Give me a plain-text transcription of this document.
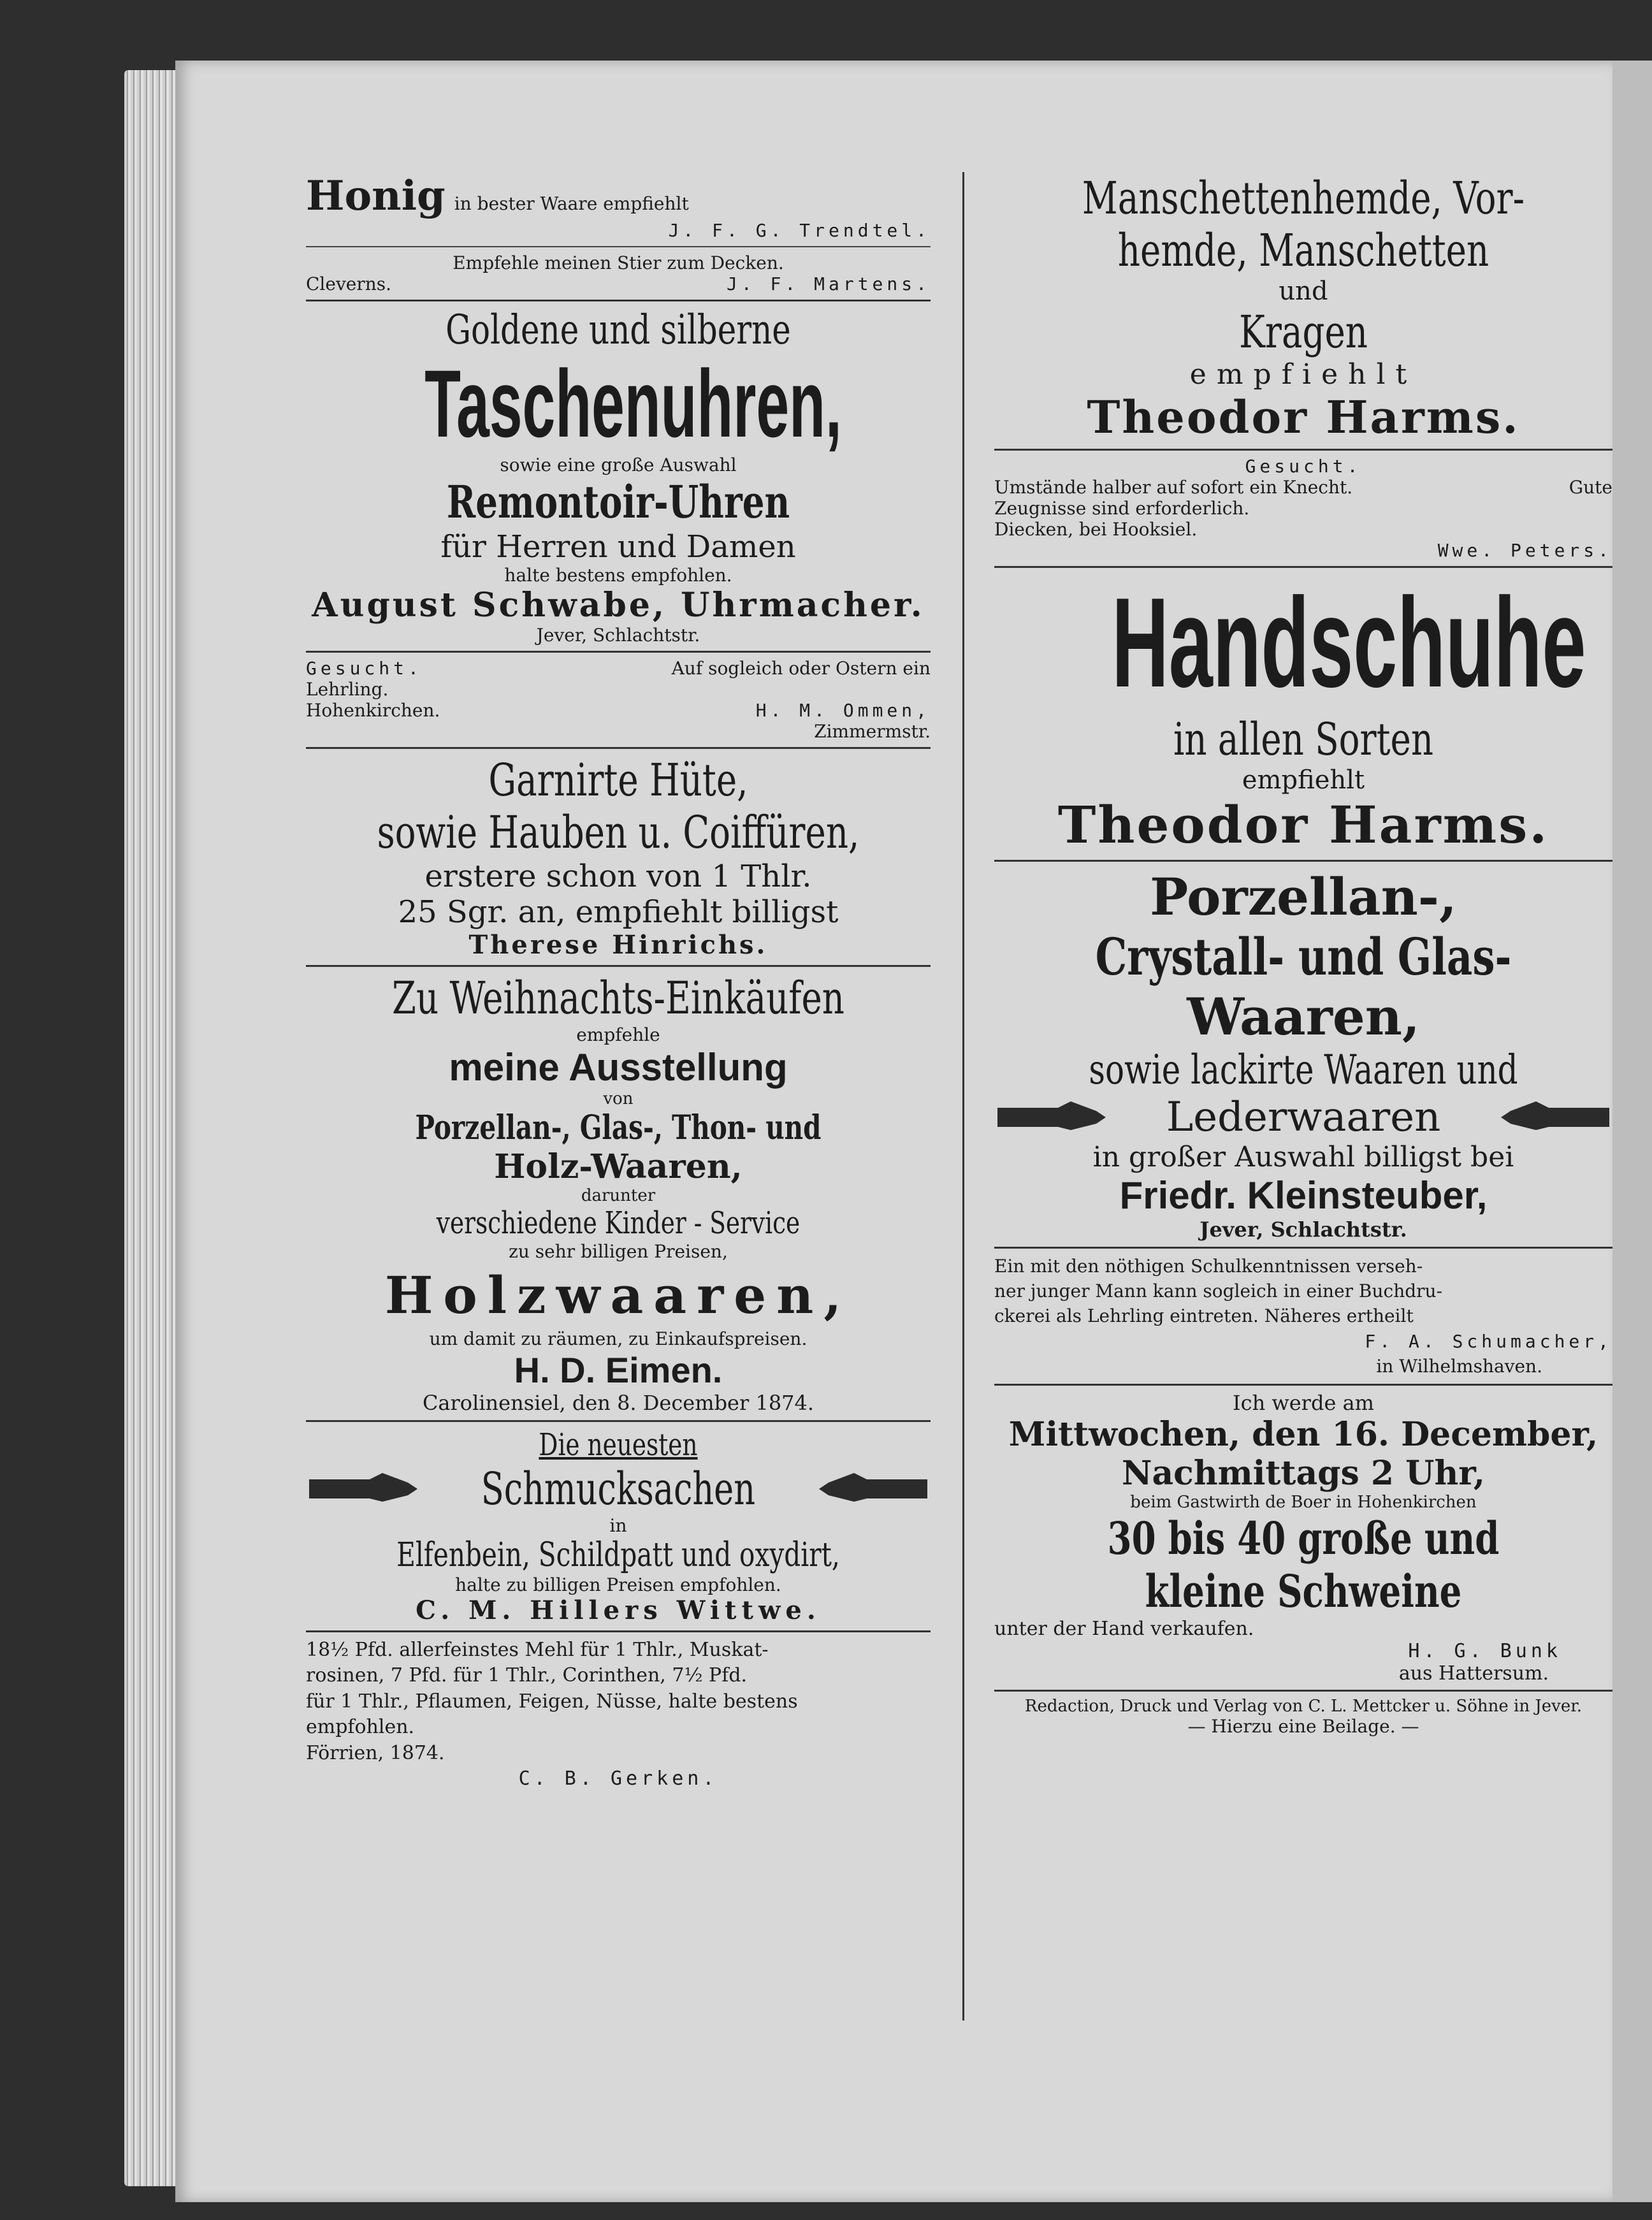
Honig in bester Waare empfiehlt
J. F. G. Trendtel.
Empfehle meinen Stier zum Decken.
Cleverns.	J. F. Martens.
Goldene und silberne
Taschenuhren,
sowie eine große Auswahl
Remontoir-Uhren
für Herren und Damen
halte bestens empfohlen.
August Schwabe, Uhrmacher.
Jever, Schlachtstr.
Gesucht.	Auf sogleich oder Ostern ein
Lehrling.
Hohenkirchen.	H. M. Ommen,
Zimmermstr.
Garnirte Hüte,
sowie Hauben u. Coiffüren,
erstere schon von 1 Thlr.
25 Sgr. an, empfiehlt billigst
Therese Hinrichs.
Zu Weihnachts-Einkäufen
empfehle
meine Ausstellung
von
Porzellan-, Glas-, Thon- und
Holz-Waaren,
darunter
verschiedene Kinder - Service
zu sehr billigen Preisen,
Holzwaaren,
um damit zu räumen, zu Einkaufspreisen.
H. D. Eimen.
Carolinensiel, den 8. December 1874.
Die neuesten
Schmucksachen
in
Elfenbein, Schildpatt und oxydirt,
halte zu billigen Preisen empfohlen.
C. M. Hillers Wittwe.

18½ Pfd. allerfeinstes Mehl für 1 Thlr., Muskat-

rosinen, 7 Pfd. für 1 Thlr., Corinthen, 7½ Pfd.

für 1 Thlr., Pflaumen, Feigen, Nüsse, halte bestens

empfohlen.

Förrien, 1874.

C. B. Gerken.
Manschettenhemde, Vor-
hemde, Manschetten
und
Kragen
empfiehlt
Theodor Harms.
Gesucht.
Umstände halber auf sofort ein Knecht.	Gute

Zeugnisse sind erforderlich.

Diecken, bei Hooksiel.

Wwe. Peters.
Handschuhe
in allen Sorten
empfiehlt
Theodor Harms.
Porzellan-,
Crystall- und Glas-
Waaren,
sowie lackirte Waaren und
Lederwaaren
in großer Auswahl billigst bei
Friedr. Kleinsteuber,
Jever, Schlachtstr.

Ein mit den nöthigen Schulkenntnissen verseh-

ner junger Mann kann sogleich in einer Buchdru-

ckerei als Lehrling eintreten. Näheres ertheilt

F. A. Schumacher,
in Wilhelmshaven.
Ich werde am
Mittwochen, den 16. December,
Nachmittags 2 Uhr,
beim Gastwirth de Boer in Hohenkirchen
30 bis 40 große und
kleine Schweine

unter der Hand verkaufen.

H. G. Bunk
aus Hattersum.
Redaction, Druck und Verlag von C. L. Mettcker u. Söhne in Jever.
— Hierzu eine Beilage. —
